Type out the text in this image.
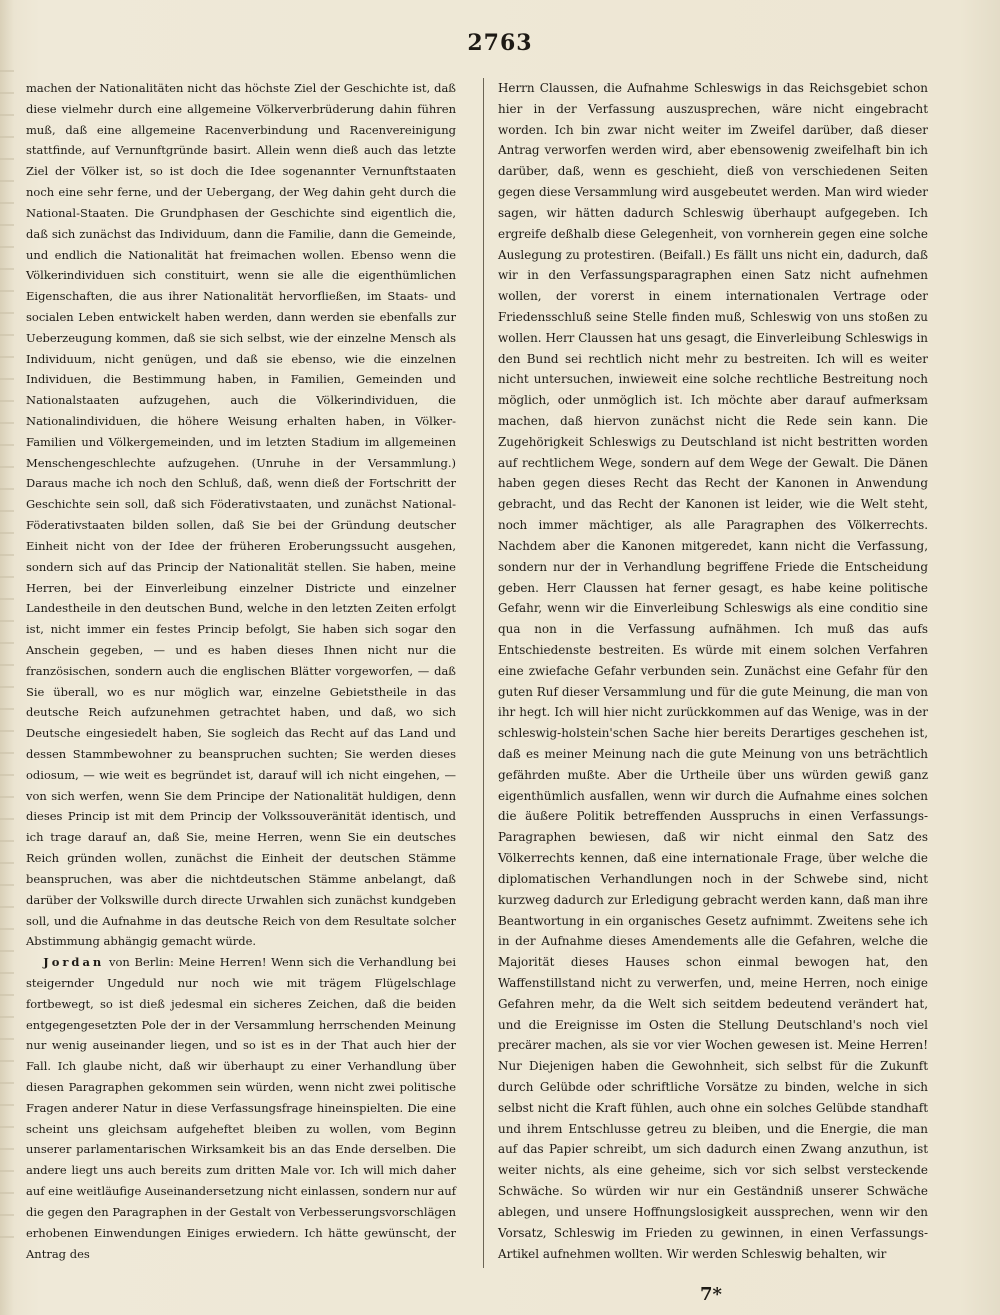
2763

machen der Nationalitäten nicht das höchste Ziel der Geschichte ist, daß diese vielmehr durch eine allgemeine Völkerverbrüderung dahin führen muß, daß eine allgemeine Racenverbindung und Racenvereinigung stattfinde, auf Vernunftgründe basirt. Allein wenn dieß auch das letzte Ziel der Völker ist, so ist doch die Idee sogenannter Vernunftstaaten noch eine sehr ferne, und der Uebergang, der Weg dahin geht durch die National-Staaten. Die Grundphasen der Geschichte sind eigentlich die, daß sich zunächst das Individuum, dann die Familie, dann die Gemeinde, und endlich die Nationalität hat freimachen wollen. Ebenso wenn die Völkerindividuen sich constituirt, wenn sie alle die eigenthümlichen Eigenschaften, die aus ihrer Nationalität hervorfließen, im Staats- und socialen Leben entwickelt haben werden, dann werden sie ebenfalls zur Ueberzeugung kommen, daß sie sich selbst, wie der einzelne Mensch als Individuum, nicht genügen, und daß sie ebenso, wie die einzelnen Individuen, die Bestimmung haben, in Familien, Gemeinden und Nationalstaaten aufzugehen, auch die Völkerindividuen, die Nationalindividuen, die höhere Weisung erhalten haben, in Völker-Familien und Völkergemeinden, und im letzten Stadium im allgemeinen Menschengeschlechte aufzugehen. (Unruhe in der Versammlung.) Daraus mache ich noch den Schluß, daß, wenn dieß der Fortschritt der Geschichte sein soll, daß sich Föderativstaaten, und zunächst National-Föderativstaaten bilden sollen, daß Sie bei der Gründung deutscher Einheit nicht von der Idee der früheren Eroberungssucht ausgehen, sondern sich auf das Princip der Nationalität stellen. Sie haben, meine Herren, bei der Einverleibung einzelner Districte und einzelner Landestheile in den deutschen Bund, welche in den letzten Zeiten erfolgt ist, nicht immer ein festes Princip befolgt, Sie haben sich sogar den Anschein gegeben, — und es haben dieses Ihnen nicht nur die französischen, sondern auch die englischen Blätter vorgeworfen, — daß Sie überall, wo es nur möglich war, einzelne Gebietstheile in das deutsche Reich aufzunehmen getrachtet haben, und daß, wo sich Deutsche eingesiedelt haben, Sie sogleich das Recht auf das Land und dessen Stammbewohner zu beanspruchen suchten; Sie werden dieses odiosum, — wie weit es begründet ist, darauf will ich nicht eingehen, — von sich werfen, wenn Sie dem Principe der Nationalität huldigen, denn dieses Princip ist mit dem Princip der Volkssouveränität identisch, und ich trage darauf an, daß Sie, meine Herren, wenn Sie ein deutsches Reich gründen wollen, zunächst die Einheit der deutschen Stämme beanspruchen, was aber die nichtdeutschen Stämme anbelangt, daß darüber der Volkswille durch directe Urwahlen sich zunächst kundgeben soll, und die Aufnahme in das deutsche Reich von dem Resultate solcher Abstimmung abhängig gemacht würde.

Jordan von Berlin: Meine Herren! Wenn sich die Verhandlung bei steigernder Ungeduld nur noch wie mit trägem Flügelschlage fortbewegt, so ist dieß jedesmal ein sicheres Zeichen, daß die beiden entgegengesetzten Pole der in der Versammlung herrschenden Meinung nur wenig auseinander liegen, und so ist es in der That auch hier der Fall. Ich glaube nicht, daß wir überhaupt zu einer Verhandlung über diesen Paragraphen gekommen sein würden, wenn nicht zwei politische Fragen anderer Natur in diese Verfassungsfrage hineinspielten. Die eine scheint uns gleichsam aufgeheftet bleiben zu wollen, vom Beginn unserer parlamentarischen Wirksamkeit bis an das Ende derselben. Die andere liegt uns auch bereits zum dritten Male vor. Ich will mich daher auf eine weitläufige Auseinandersetzung nicht einlassen, sondern nur auf die gegen den Paragraphen in der Gestalt von Verbesserungsvorschlägen erhobenen Einwendungen Einiges erwiedern. Ich hätte gewünscht, der Antrag des

Herrn Claussen, die Aufnahme Schleswigs in das Reichsgebiet schon hier in der Verfassung auszusprechen, wäre nicht eingebracht worden. Ich bin zwar nicht weiter im Zweifel darüber, daß dieser Antrag verworfen werden wird, aber ebensowenig zweifelhaft bin ich darüber, daß, wenn es geschieht, dieß von verschiedenen Seiten gegen diese Versammlung wird ausgebeutet werden. Man wird wieder sagen, wir hätten dadurch Schleswig überhaupt aufgegeben. Ich ergreife deßhalb diese Gelegenheit, von vornherein gegen eine solche Auslegung zu protestiren. (Beifall.) Es fällt uns nicht ein, dadurch, daß wir in den Verfassungsparagraphen einen Satz nicht aufnehmen wollen, der vorerst in einem internationalen Vertrage oder Friedensschluß seine Stelle finden muß, Schleswig von uns stoßen zu wollen. Herr Claussen hat uns gesagt, die Einverleibung Schleswigs in den Bund sei rechtlich nicht mehr zu bestreiten. Ich will es weiter nicht untersuchen, inwieweit eine solche rechtliche Bestreitung noch möglich, oder unmöglich ist. Ich möchte aber darauf aufmerksam machen, daß hiervon zunächst nicht die Rede sein kann. Die Zugehörigkeit Schleswigs zu Deutschland ist nicht bestritten worden auf rechtlichem Wege, sondern auf dem Wege der Gewalt. Die Dänen haben gegen dieses Recht das Recht der Kanonen in Anwendung gebracht, und das Recht der Kanonen ist leider, wie die Welt steht, noch immer mächtiger, als alle Paragraphen des Völkerrechts. Nachdem aber die Kanonen mitgeredet, kann nicht die Verfassung, sondern nur der in Verhandlung begriffene Friede die Entscheidung geben. Herr Claussen hat ferner gesagt, es habe keine politische Gefahr, wenn wir die Einverleibung Schleswigs als eine conditio sine qua non in die Verfassung aufnähmen. Ich muß das aufs Entschiedenste bestreiten. Es würde mit einem solchen Verfahren eine zwiefache Gefahr verbunden sein. Zunächst eine Gefahr für den guten Ruf dieser Versammlung und für die gute Meinung, die man von ihr hegt. Ich will hier nicht zurückkommen auf das Wenige, was in der schleswig-holstein'schen Sache hier bereits Derartiges geschehen ist, daß es meiner Meinung nach die gute Meinung von uns beträchtlich gefährden mußte. Aber die Urtheile über uns würden gewiß ganz eigenthümlich ausfallen, wenn wir durch die Aufnahme eines solchen die äußere Politik betreffenden Ausspruchs in einen Verfassungs-Paragraphen bewiesen, daß wir nicht einmal den Satz des Völkerrechts kennen, daß eine internationale Frage, über welche die diplomatischen Verhandlungen noch in der Schwebe sind, nicht kurzweg dadurch zur Erledigung gebracht werden kann, daß man ihre Beantwortung in ein organisches Gesetz aufnimmt. Zweitens sehe ich in der Aufnahme dieses Amendements alle die Gefahren, welche die Majorität dieses Hauses schon einmal bewogen hat, den Waffenstillstand nicht zu verwerfen, und, meine Herren, noch einige Gefahren mehr, da die Welt sich seitdem bedeutend verändert hat, und die Ereignisse im Osten die Stellung Deutschland's noch viel precärer machen, als sie vor vier Wochen gewesen ist. Meine Herren! Nur Diejenigen haben die Gewohnheit, sich selbst für die Zukunft durch Gelübde oder schriftliche Vorsätze zu binden, welche in sich selbst nicht die Kraft fühlen, auch ohne ein solches Gelübde standhaft und ihrem Entschlusse getreu zu bleiben, und die Energie, die man auf das Papier schreibt, um sich dadurch einen Zwang anzuthun, ist weiter nichts, als eine geheime, sich vor sich selbst versteckende Schwäche. So würden wir nur ein Geständniß unserer Schwäche ablegen, und unsere Hoffnungslosigkeit aussprechen, wenn wir den Vorsatz, Schleswig im Frieden zu gewinnen, in einen Verfassungs-Artikel aufnehmen wollten. Wir werden Schleswig behalten, wir

7*
